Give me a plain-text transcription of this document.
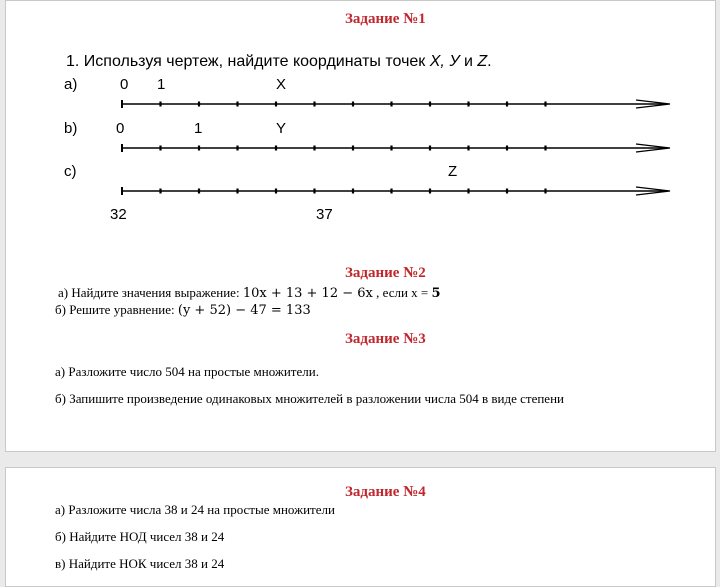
Задание №1
1. Используя чертеж, найдите координаты точек X, У и Z.
a)	0 1	X
b)	0	1	Y
c)	Z
32	37
Задание №2
а) Найдите значения выражение: 10x + 13 + 12 − 6x , если x = 5
б) Решите уравнение: (y + 52) − 47 = 133
Задание №3
а) Разложите число 504 на простые множители.
б) Запишите произведение одинаковых множителей в разложении числа 504 в виде степени
Задание №4
а) Разложите числа 38 и 24 на простые множители
б) Найдите НОД чисел 38 и 24
в) Найдите НОК чисел 38 и 24
